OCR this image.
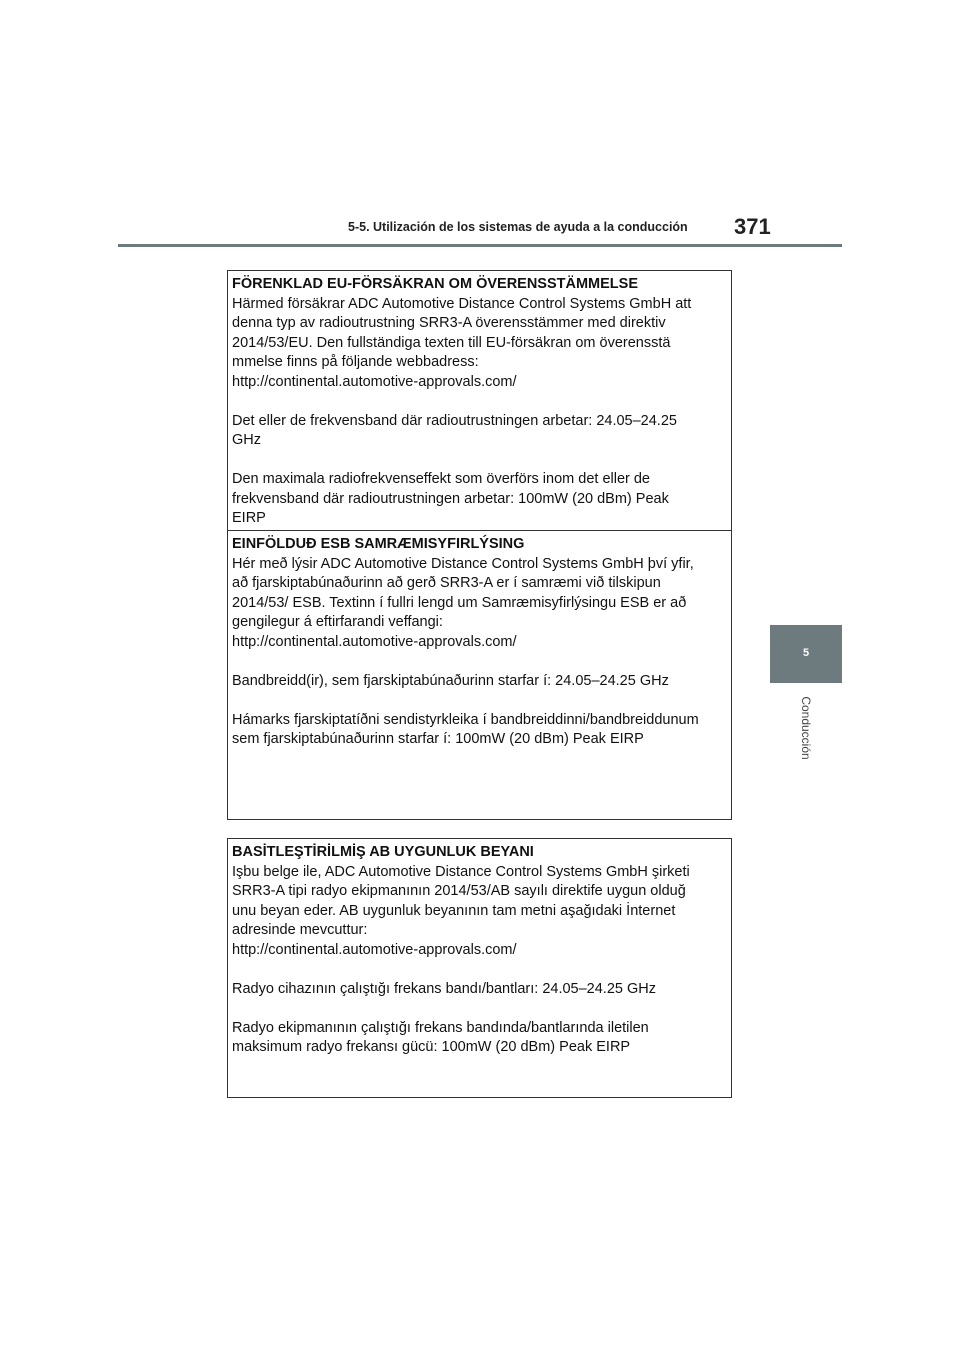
5-5. Utilización de los sistemas de ayuda a la conducción 371
5
Conducción
FÖRENKLAD EU-FÖRSÄKRAN OM ÖVERENSSTÄMMELSE

Härmed försäkrar ADC Automotive Distance Control Systems GmbH att
denna typ av radioutrustning SRR3-A överensstämmer med direktiv
2014/53/EU. Den fullständiga texten till EU-försäkran om överensstä
mmelse finns på följande webbadress:
http://continental.automotive-approvals.com/

Det eller de frekvensband där radioutrustningen arbetar: 24.05–24.25
GHz

Den maximala radiofrekvenseffekt som överförs inom det eller de
frekvensband där radioutrustningen arbetar: 100mW (20 dBm) Peak
EIRP

EINFÖLDUÐ ESB SAMRÆMISYFIRLÝSING

Hér með lýsir ADC Automotive Distance Control Systems GmbH því yfir,
að fjarskiptabúnaðurinn að gerð SRR3-A er í samræmi við tilskipun
2014/53/ ESB. Textinn í fullri lengd um Samræmisyfirlýsingu ESB er að
gengilegur á eftirfarandi veffangi:
http://continental.automotive-approvals.com/

Bandbreidd(ir), sem fjarskiptabúnaðurinn starfar í: 24.05–24.25 GHz

Hámarks fjarskiptatíðni sendistyrkleika í bandbreiddinni/bandbreiddunum
sem fjarskiptabúnaðurinn starfar í: 100mW (20 dBm) Peak EIRP

BASİTLEŞTİRİLMİŞ AB UYGUNLUK BEYANI

Işbu belge ile, ADC Automotive Distance Control Systems GmbH şirketi
SRR3-A tipi radyo ekipmanının 2014/53/AB sayılı direktife uygun olduğ
unu beyan eder. AB uygunluk beyanının tam metni aşağıdaki İnternet
adresinde mevcuttur:
http://continental.automotive-approvals.com/

Radyo cihazının çalıştığı frekans bandı/bantları: 24.05–24.25 GHz

Radyo ekipmanının çalıştığı frekans bandında/bantlarında iletilen
maksimum radyo frekansı gücü: 100mW (20 dBm) Peak EIRP
